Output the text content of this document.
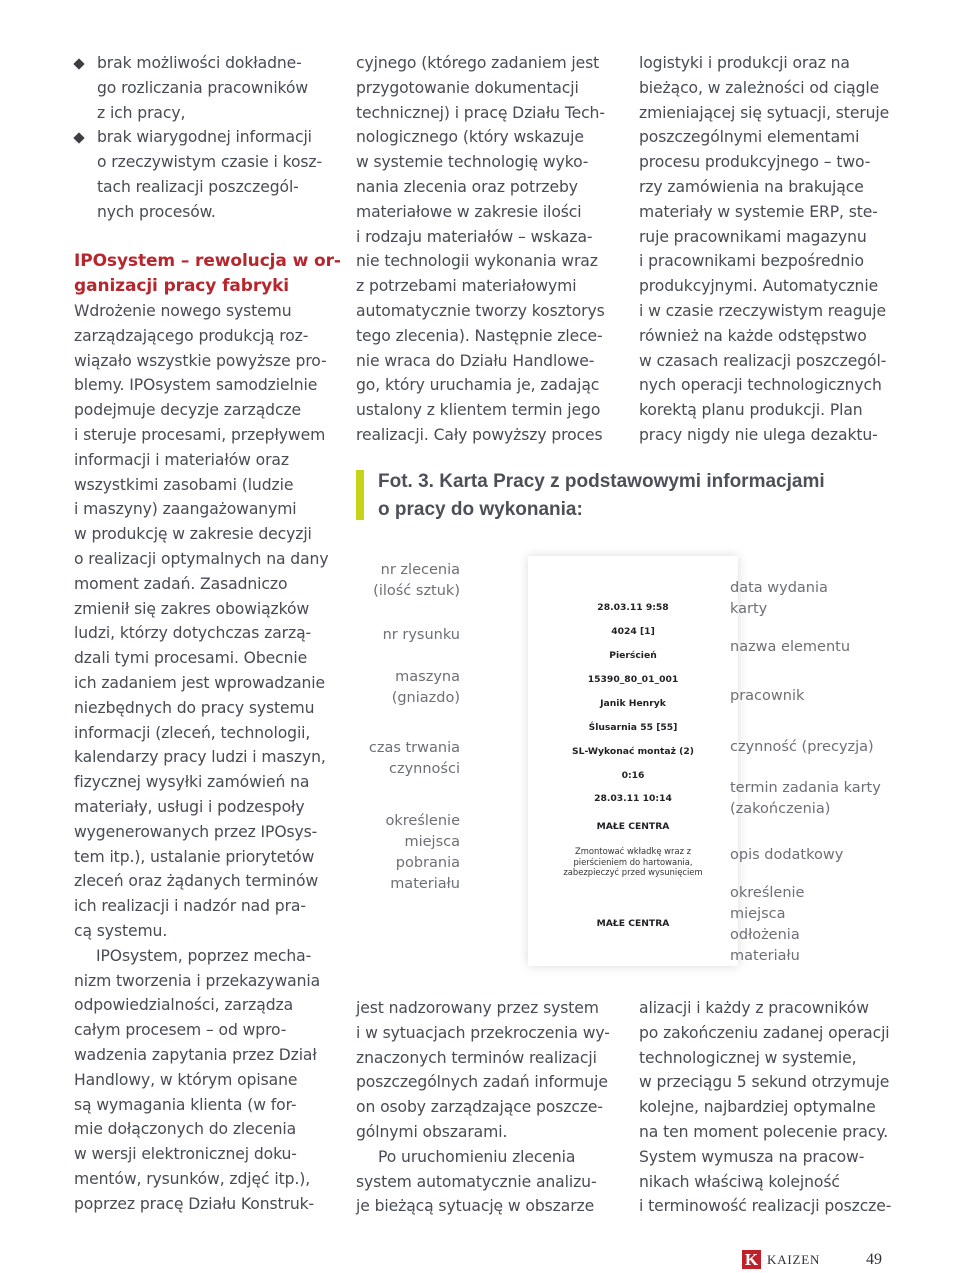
brak możliwości dokładne-
go rozliczania pracowników
z ich pracy,
brak wiarygodnej informacji
o rzeczywistym czasie i kosz-
tach realizacji poszczegól-
nych procesów.
IPOsystem – rewolucja w or-
ganizacji pracy fabryki
Wdrożenie nowego systemu
zarządzającego produkcją roz-
wiązało wszystkie powyższe pro-
blemy. IPOsystem samodzielnie
podejmuje decyzje zarządcze
i steruje procesami, przepływem
informacji i materiałów oraz
wszystkimi zasobami (ludzie
i maszyny) zaangażowanymi
w produkcję w zakresie decyzji
o realizacji optymalnych na dany
moment zadań. Zasadniczo
zmienił się zakres obowiązków
ludzi, którzy dotychczas zarzą-
dzali tymi procesami. Obecnie
ich zadaniem jest wprowadzanie
niezbędnych do pracy systemu
informacji (zleceń, technologii,
kalendarzy pracy ludzi i maszyn,
fizycznej wysyłki zamówień na
materiały, usługi i podzespoły
wygenerowanych przez IPOsys-
tem itp.), ustalanie priorytetów
zleceń oraz żądanych terminów
ich realizacji i nadzór nad pra-
cą systemu.
IPOsystem, poprzez mecha-
nizm tworzenia i przekazywania
odpowiedzialności, zarządza
całym procesem – od wpro-
wadzenia zapytania przez Dział
Handlowy, w którym opisane
są wymagania klienta (w for-
mie dołączonych do zlecenia
w wersji elektronicznej doku-
mentów, rysunków, zdjęć itp.),
poprzez pracę Działu Konstruk-
cyjnego (którego zadaniem jest
przygotowanie dokumentacji
technicznej) i pracę Działu Tech-
nologicznego (który wskazuje
w systemie technologię wyko-
nania zlecenia oraz potrzeby
materiałowe w zakresie ilości
i rodzaju materiałów – wskaza-
nie technologii wykonania wraz
z potrzebami materiałowymi
automatycznie tworzy kosztorys
tego zlecenia). Następnie zlece-
nie wraca do Działu Handlowe-
go, który uruchamia je, zadając
ustalony z klientem termin jego
realizacji. Cały powyższy proces
logistyki i produkcji oraz na
bieżąco, w zależności od ciągle
zmieniającej się sytuacji, steruje
poszczególnymi elementami
procesu produkcyjnego – two-
rzy zamówienia na brakujące
materiały w systemie ERP, ste-
ruje pracownikami magazynu
i pracownikami bezpośrednio
produkcyjnymi. Automatycznie
i w czasie rzeczywistym reaguje
również na każde odstępstwo
w czasach realizacji poszczegól-
nych operacji technologicznych
korektą planu produkcji. Plan
pracy nigdy nie ulega dezaktu-
Fot. 3. Karta Pracy z podstawowymi informacjami
o pracy do wykonania:
28.03.11 9:58
4024 [1]
Pierścień
15390_80_01_001
Janik Henryk
Ślusarnia 55 [55]
SL-Wykonać montaż (2)
0:16
28.03.11 10:14
MAŁE CENTRA
Zmontować wkładkę wraz z pierścieniem do hartowania, zabezpieczyć przed wysunięciem
MAŁE CENTRA
nr zlecenia
(ilość sztuk)
nr rysunku
maszyna
(gniazdo)
czas trwania
czynności
określenie
miejsca
pobrania
materiału
data wydania
karty
nazwa elementu
pracownik
czynność (precyzja)
termin zadania karty
(zakończenia)
opis dodatkowy
określenie
miejsca
odłożenia
materiału
jest nadzorowany przez system
i w sytuacjach przekroczenia wy-
znaczonych terminów realizacji
poszczególnych zadań informuje
on osoby zarządzające poszcze-
gólnymi obszarami.
Po uruchomieniu zlecenia
system automatycznie analizu-
je bieżącą sytuację w obszarze
alizacji i każdy z pracowników
po zakończeniu zadanej operacji
technologicznej w systemie,
w przeciągu 5 sekund otrzymuje
kolejne, najbardziej optymalne
na ten moment polecenie pracy.
System wymusza na pracow-
nikach właściwą kolejność
i terminowość realizacji poszcze-
K KAIZEN	49
